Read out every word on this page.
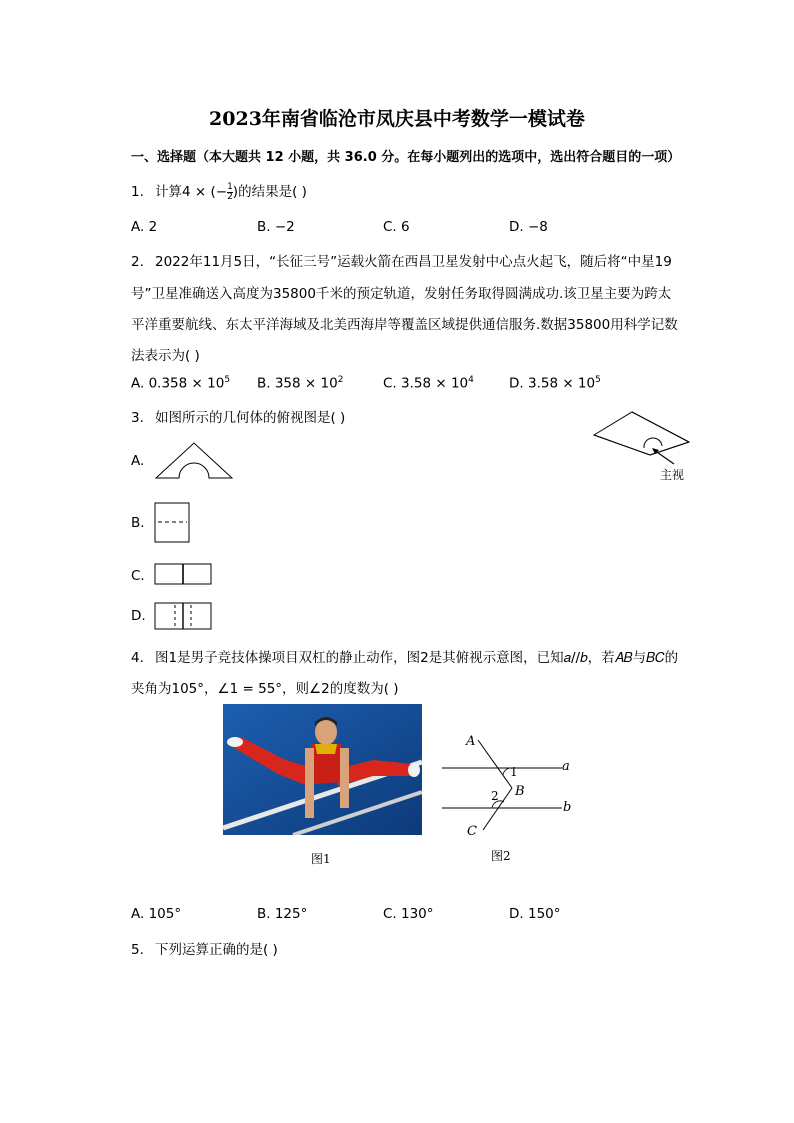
2023年南省临沧市凤庆县中考数学一模试卷
一、选择题（本大题共 12 小题，共 36.0 分。在每小题列出的选项中，选出符合题目的一项）
1. 计算4 × (− $\frac{1}{2}$ )的结果是( )
A. 2	B. −2	C. 6	D. −8
2. 2022年11月5日，“长征三号”运载火箭在西昌卫星发射中心点火起飞，随后将“中星19
号”卫星准确送入高度为35800千米的预定轨道，发射任务取得圆满成功.该卫星主要为跨太
平洋重要航线、东太平洋海域及北美西海岸等覆盖区域提供通信服务.数据35800用科学记数
法表示为( )
A. $0.358 \times 10^5$ B. $358 \times 10^2$	C. $3.58 \times 10^4$	D. $3.58 \times 10^5$
3. 如图所示的几何体的俯视图是( )
主视
A.
B.
C.
D.
4. 图1是男子竞技体操项目双杠的静止动作，图2是其俯视示意图，已知𝑎//𝑏，若𝐴𝐵与𝐵𝐶的
夹角为105°，∠1 = 55°，则∠2的度数为( )
图1
A
B
C
a
b
1
2
图2
A. 105°	B. 125°	C. 130°	D. 150°
5. 下列运算正确的是( )
